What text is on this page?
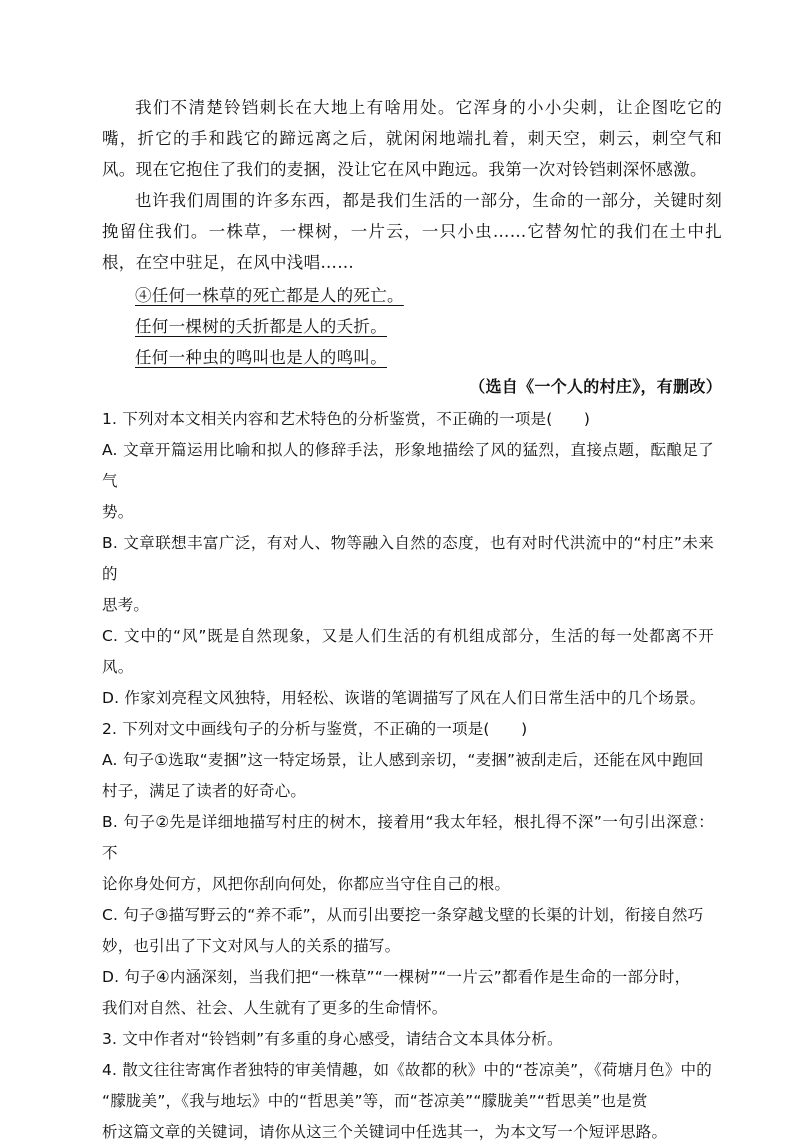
我们不清楚铃铛刺长在大地上有啥用处。它浑身的小小尖刺，让企图吃它的嘴，折它的手和践它的蹄远离之后，就闲闲地端扎着，刺天空，刺云，刺空气和风。现在它抱住了我们的麦捆，没让它在风中跑远。我第一次对铃铛刺深怀感激。

也许我们周围的许多东西，都是我们生活的一部分，生命的一部分，关键时刻挽留住我们。一株草，一棵树，一片云，一只小虫……它替匆忙的我们在土中扎根，在空中驻足，在风中浅唱……

④任何一株草的死亡都是人的死亡。

任何一棵树的夭折都是人的夭折。

任何一种虫的鸣叫也是人的鸣叫。

（选自《一个人的村庄》，有删改）

1. 下列对本文相关内容和艺术特色的分析鉴赏，不正确的一项是(　　)

A. 文章开篇运用比喻和拟人的修辞手法，形象地描绘了风的猛烈，直接点题，酝酿足了气

势。

B. 文章联想丰富广泛，有对人、物等融入自然的态度，也有对时代洪流中的“村庄”未来的

思考。

C. 文中的“风”既是自然现象，又是人们生活的有机组成部分，生活的每一处都离不开风。

D. 作家刘亮程文风独特，用轻松、诙谐的笔调描写了风在人们日常生活中的几个场景。

2. 下列对文中画线句子的分析与鉴赏，不正确的一项是(　　)

A. 句子①选取“麦捆”这一特定场景，让人感到亲切，“麦捆”被刮走后，还能在风中跑回

村子，满足了读者的好奇心。

B. 句子②先是详细地描写村庄的树木，接着用“我太年轻，根扎得不深”一句引出深意：不

论你身处何方，风把你刮向何处，你都应当守住自己的根。

C. 句子③描写野云的“养不乖”，从而引出要挖一条穿越戈壁的长渠的计划，衔接自然巧

妙，也引出了下文对风与人的关系的描写。

D. 句子④内涵深刻，当我们把“一株草”“一棵树”“一片云”都看作是生命的一部分时，

我们对自然、社会、人生就有了更多的生命情怀。

3. 文中作者对“铃铛刺”有多重的身心感受，请结合文本具体分析。

4. 散文往往寄寓作者独特的审美情趣，如《故都的秋》中的“苍凉美”，《荷塘月色》中的

“朦胧美”，《我与地坛》中的“哲思美”等，而“苍凉美”“朦胧美”“哲思美”也是赏

析这篇文章的关键词，请你从这三个关键词中任选其一，为本文写一个短评思路。
